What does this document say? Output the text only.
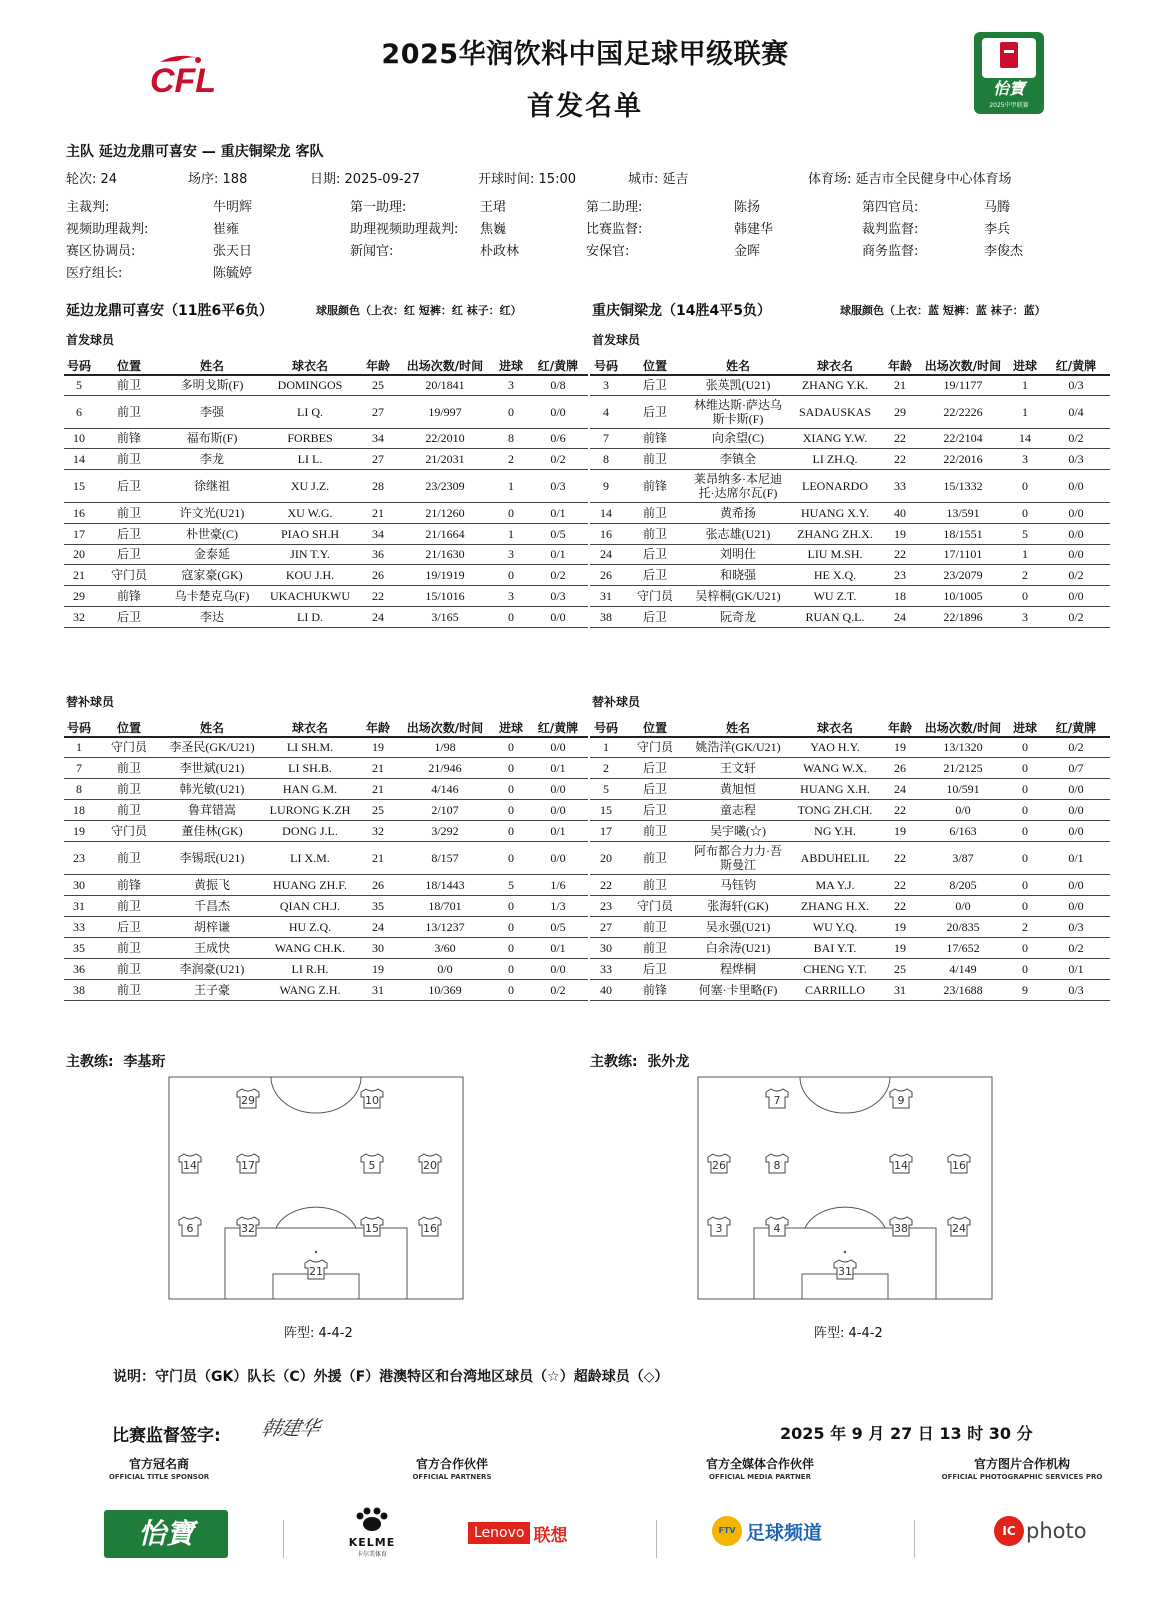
CFL
2025华润饮料中国足球甲级联赛
首发名单
怡寶
2025中甲联赛
主队 延边龙鼎可喜安 — 重庆铜梁龙 客队
轮次: 24	场序: 188	日期: 2025-09-27	开球时间: 15:00	城市: 延吉	体育场: 延吉市全民健身中心体育场
主裁判:	牛明辉	第一助理:	王珺	第二助理:	陈扬	第四官员:	马腾
视频助理裁判:	崔雍	助理视频助理裁判: 焦巍	比赛监督:	韩建华	裁判监督:	李兵
赛区协调员:	张天日	新闻官:	朴政林	安保官:	金晖	商务监督:	李俊杰
医疗组长:	陈毓婷
延边龙鼎可喜安（11胜6平6负）	球服颜色（上衣：红 短裤：红 袜子：红）	重庆铜梁龙（14胜4平5负）	球服颜色（上衣：蓝 短裤：蓝 袜子：蓝）
首发球员	首发球员
替补球员	替补球员
号码	位置	姓名	球衣名	年龄	出场次数/时间	进球	红/黄牌
5	前卫	多明戈斯(F)	DOMINGOS	25	20/1841	3	0/8
6	前卫	李强	LI Q.	27	19/997	0	0/0
10	前锋	福布斯(F)	FORBES	34	22/2010	8	0/6
14	前卫	李龙	LI L.	27	21/2031	2	0/2
15	后卫	徐继祖	XU J.Z.	28	23/2309	1	0/3
16	前卫	许文光(U21)	XU W.G.	21	21/1260	0	0/1
17	后卫	朴世豪(C)	PIAO SH.H	34	21/1664	1	0/5
20	后卫	金泰延	JIN T.Y.	36	21/1630	3	0/1
21	守门员	寇家豪(GK)	KOU J.H.	26	19/1919	0	0/2
29	前锋	乌卡楚克乌(F)	UKACHUKWU	22	15/1016	3	0/3
32	后卫	李达	LI D.	24	3/165	0	0/0
号码	位置	姓名	球衣名	年龄	出场次数/时间	进球	红/黄牌
3	后卫	张英凯(U21)	ZHANG Y.K.	21	19/1177	1	0/3
4	后卫	林维达斯·萨达乌斯卡斯(F)	SADAUSKAS	29	22/2226	1	0/4
7	前锋	向余望(C)	XIANG Y.W.	22	22/2104	14	0/2
8	前卫	李镇全	LI ZH.Q.	22	22/2016	3	0/3
9	前锋	莱昂纳多·本尼迪托·达席尔瓦(F)	LEONARDO	33	15/1332	0	0/0
14	前卫	黄希扬	HUANG X.Y.	40	13/591	0	0/0
16	前卫	张志雄(U21)	ZHANG ZH.X.	19	18/1551	5	0/0
24	后卫	刘明仕	LIU M.SH.	22	17/1101	1	0/0
26	后卫	和晓强	HE X.Q.	23	23/2079	2	0/2
31	守门员	吴梓桐(GK/U21)	WU Z.T.	18	10/1005	0	0/0
38	后卫	阮奇龙	RUAN Q.L.	24	22/1896	3	0/2
号码	位置	姓名	球衣名	年龄	出场次数/时间	进球	红/黄牌
1	守门员	李圣民(GK/U21)	LI SH.M.	19	1/98	0	0/0
7	前卫	李世斌(U21)	LI SH.B.	21	21/946	0	0/1
8	前卫	韩光敏(U21)	HAN G.M.	21	4/146	0	0/0
18	前卫	鲁茸错嵩	LURONG K.ZH	25	2/107	0	0/0
19	守门员	董佳林(GK)	DONG J.L.	32	3/292	0	0/1
23	前卫	李锡珉(U21)	LI X.M.	21	8/157	0	0/0
30	前锋	黄振飞	HUANG ZH.F.	26	18/1443	5	1/6
31	前卫	千昌杰	QIAN CH.J.	35	18/701	0	1/3
33	后卫	胡梓谦	HU Z.Q.	24	13/1237	0	0/5
35	前卫	王成快	WANG CH.K.	30	3/60	0	0/1
36	前卫	李润豪(U21)	LI R.H.	19	0/0	0	0/0
38	前卫	王子豪	WANG Z.H.	31	10/369	0	0/2
号码	位置	姓名	球衣名	年龄	出场次数/时间	进球	红/黄牌
1	守门员	姚浩洋(GK/U21)	YAO H.Y.	19	13/1320	0	0/2
2	后卫	王文轩	WANG W.X.	26	21/2125	0	0/7
5	后卫	黄旭恒	HUANG X.H.	24	10/591	0	0/0
15	后卫	童志程	TONG ZH.CH.	22	0/0	0	0/0
17	前卫	吴宇曦(☆)	NG Y.H.	19	6/163	0	0/0
20	前卫	阿布都合力力·吾斯曼江	ABDUHELIL	22	3/87	0	0/1
22	前卫	马钰钧	MA Y.J.	22	8/205	0	0/0
23	守门员	张海轩(GK)	ZHANG H.X.	22	0/0	0	0/0
27	前卫	吴永强(U21)	WU Y.Q.	19	20/835	2	0/3
30	前卫	白余涛(U21)	BAI Y.T.	19	17/652	0	0/2
33	后卫	程烨桐	CHENG Y.T.	25	4/149	0	0/1
40	前锋	何塞·卡里略(F)	CARRILLO	31	23/1688	9	0/3
主教练: 李基珩	主教练: 张外龙
29	10
14	17	5	20
6	32	15	16
21
7	9
26	8	14	16
3	4	38	24
31
阵型: 4-4-2	阵型: 4-4-2
说明：守门员（GK）队长（C）外援（F）港澳特区和台湾地区球员（☆）超龄球员（◇）
比赛监督签字: 韩建华	2025 年 9 月 27 日 13 时 30 分
官方冠名商
OFFICIAL TITLE SPONSOR
官方合作伙伴
OFFICIAL PARTNERS
官方全媒体合作伙伴
OFFICIAL MEDIA PARTNER
官方图片合作机构
OFFICIAL PHOTOGRAPHIC SERVICES PRO
怡寶	KELME
卡尔美体育
Lenovo 联想	FTV 足球频道	IC photo
